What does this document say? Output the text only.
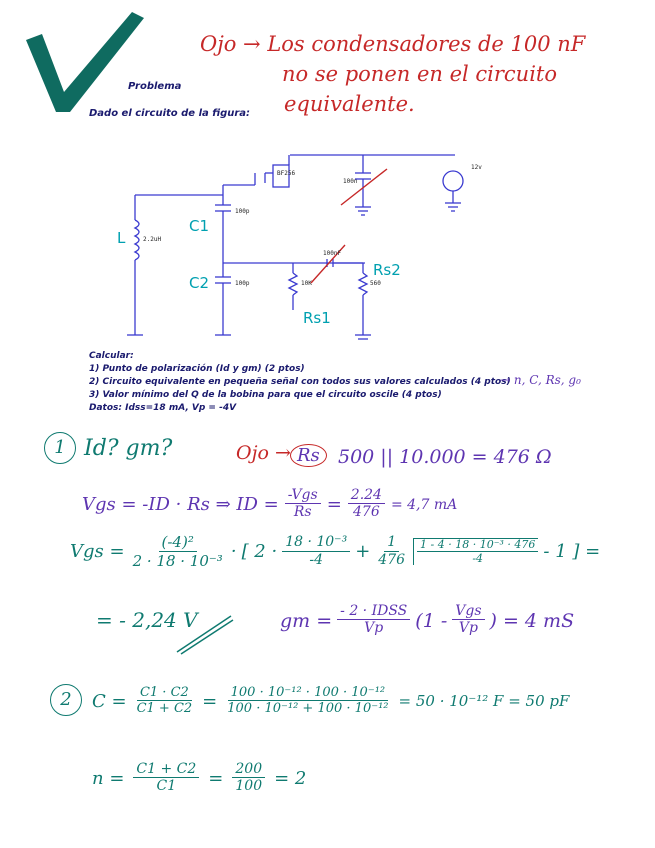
Problema
Dado el circuito de la figura:
Ojo → Los condensadores de 100 nF
no se ponen en el circuito
equivalente.
BF256
100n
100p
100p
100nF
10K	560
2.2uH
12v
L
C1
C2
Rs1
Rs2
Calcular:
1) Punto de polarización (Id y gm) (2 ptos)
2) Circuito equivalente en pequeña señal con todos sus valores calculados (4 ptos)
→ n, C, Rs, g₀
3) Valor mínimo del Q de la bobina para que el circuito oscile (4 ptos)
Datos: Idss=18 mA, Vp = -4V
1 Id? gm?	Ojo → Rs 500 || 10.000 = 476 Ω
Vgs = -ID · Rs ⇒ ID = $\frac{\text{-Vgs}}{Rs} = \frac{2.24}{476} = 4,7$ mA
Vgs = $\frac{\text{(-4)²}}{\text{2 · 18 · 10⁻³}}$ · [ $2 \cdot \frac{\text{18 · 10⁻³}}{-4} + \frac{1}{476} \frac{\text{1 - 4 · 18 · 10⁻³ · 476}}{-4} - 1$ ] =
= - 2,24 V	gm = $\frac{\text{- 2 · IDSS}}{Vp} (1 - \frac{\text{Vgs}}{Vp}$ ) = 4 mS
2	$C = \frac{C1 \cdot C2}{C1 + C2} = \frac{\text{100 · 10⁻¹² · 100 · 10⁻¹²}}{\text{100 · 10⁻¹² + 100 · 10⁻¹²}} = 50 \cdot 10^{-12}$ F = 50 pF
$n = \frac{C1 + C2}{C1} = \frac{200}{100} = 2$
